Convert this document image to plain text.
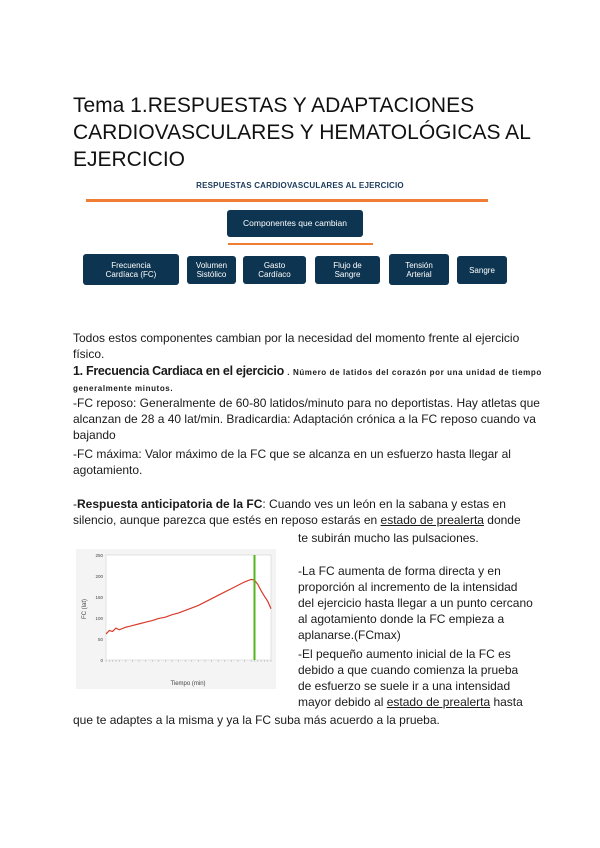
Tema 1.RESPUESTAS Y ADAPTACIONES CARDIOVASCULARES Y HEMATOLÓGICAS AL EJERCICIO
RESPUESTAS CARDIOVASCULARES AL EJERCICIO
Componentes que cambian
Frecuencia
Cardíaca (FC)
Volumen
Sistólico
Gasto
Cardíaco
Flujo de
Sangre
Tensión
Arterial	Sangre
Todos estos componentes cambian por la necesidad del momento frente al ejercicio físico.
1. Frecuencia Cardiaca en el ejercicio . Número de latidos del corazón por una unidad de tiempo generalmente minutos.
-FC reposo: Generalmente de 60-80 latidos/minuto para no deportistas. Hay atletas que alcanzan de 28 a 40 lat/min. Bradicardia: Adaptación crónica a la FC reposo cuando va bajando
-FC máxima: Valor máximo de la FC que se alcanza en un esfuerzo hasta llegar al agotamiento.
-Respuesta anticipatoria de la FC: Cuando ves un león en la sabana y estas en silencio, aunque parezca que estés en reposo estarás en estado de prealerta donde
te subirán mucho las pulsaciones.
0
50
100
150
200
250
FC (lat)
Tiempo (min)
-La FC aumenta de forma directa y en proporción al incremento de la intensidad del ejercicio hasta llegar a un punto cercano al agotamiento donde la FC empieza a aplanarse.(FCmax)
-El pequeño aumento inicial de la FC es debido a que cuando comienza la prueba de esfuerzo se suele ir a una intensidad mayor debido al estado de prealerta hasta
que te adaptes a la misma y ya la FC suba más acuerdo a la prueba.
